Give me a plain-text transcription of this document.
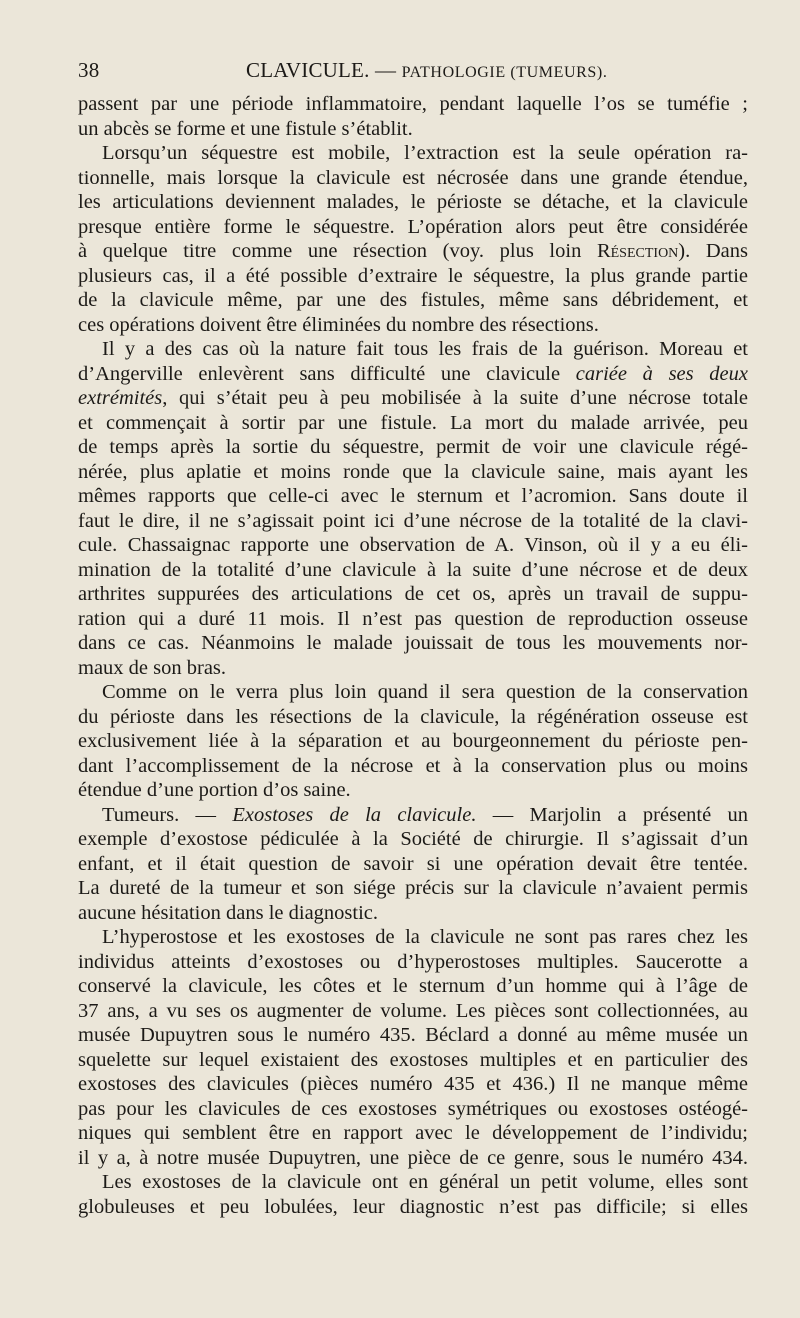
38	CLAVICULE. — PATHOLOGIE (TUMEURS).
passent par une période inflammatoire, pendant laquelle l’os se tuméfie ;
un abcès se forme et une fistule s’établit.
Lorsqu’un séquestre est mobile, l’extraction est la seule opération ra-
tionnelle, mais lorsque la clavicule est nécrosée dans une grande étendue,
les articulations deviennent malades, le périoste se détache, et la clavicule
presque entière forme le séquestre. L’opération alors peut être considérée
à quelque titre comme une résection (voy. plus loin Résection). Dans
plusieurs cas, il a été possible d’extraire le séquestre, la plus grande partie
de la clavicule même, par une des fistules, même sans débridement, et
ces opérations doivent être éliminées du nombre des résections.
Il y a des cas où la nature fait tous les frais de la guérison. Moreau et
d’Angerville enlevèrent sans difficulté une clavicule cariée à ses deux
extrémités, qui s’était peu à peu mobilisée à la suite d’une nécrose totale
et commençait à sortir par une fistule. La mort du malade arrivée, peu
de temps après la sortie du séquestre, permit de voir une clavicule régé-
nérée, plus aplatie et moins ronde que la clavicule saine, mais ayant les
mêmes rapports que celle-ci avec le sternum et l’acromion. Sans doute il
faut le dire, il ne s’agissait point ici d’une nécrose de la totalité de la clavi-
cule. Chassaignac rapporte une observation de A. Vinson, où il y a eu éli-
mination de la totalité d’une clavicule à la suite d’une nécrose et de deux
arthrites suppurées des articulations de cet os, après un travail de suppu-
ration qui a duré 11 mois. Il n’est pas question de reproduction osseuse
dans ce cas. Néanmoins le malade jouissait de tous les mouvements nor-
maux de son bras.
Comme on le verra plus loin quand il sera question de la conservation
du périoste dans les résections de la clavicule, la régénération osseuse est
exclusivement liée à la séparation et au bourgeonnement du périoste pen-
dant l’accomplissement de la nécrose et à la conservation plus ou moins
étendue d’une portion d’os saine.
Tumeurs. — Exostoses de la clavicule. — Marjolin a présenté un
exemple d’exostose pédiculée à la Société de chirurgie. Il s’agissait d’un
enfant, et il était question de savoir si une opération devait être tentée.
La dureté de la tumeur et son siége précis sur la clavicule n’avaient permis
aucune hésitation dans le diagnostic.
L’hyperostose et les exostoses de la clavicule ne sont pas rares chez les
individus atteints d’exostoses ou d’hyperostoses multiples. Saucerotte a
conservé la clavicule, les côtes et le sternum d’un homme qui à l’âge de
37 ans, a vu ses os augmenter de volume. Les pièces sont collectionnées, au
musée Dupuytren sous le numéro 435. Béclard a donné au même musée un
squelette sur lequel existaient des exostoses multiples et en particulier des
exostoses des clavicules (pièces numéro 435 et 436.) Il ne manque même
pas pour les clavicules de ces exostoses symétriques ou exostoses ostéogé-
niques qui semblent être en rapport avec le développement de l’individu;
il y a, à notre musée Dupuytren, une pièce de ce genre, sous le numéro 434.
Les exostoses de la clavicule ont en général un petit volume, elles sont
globuleuses et peu lobulées, leur diagnostic n’est pas difficile; si elles
